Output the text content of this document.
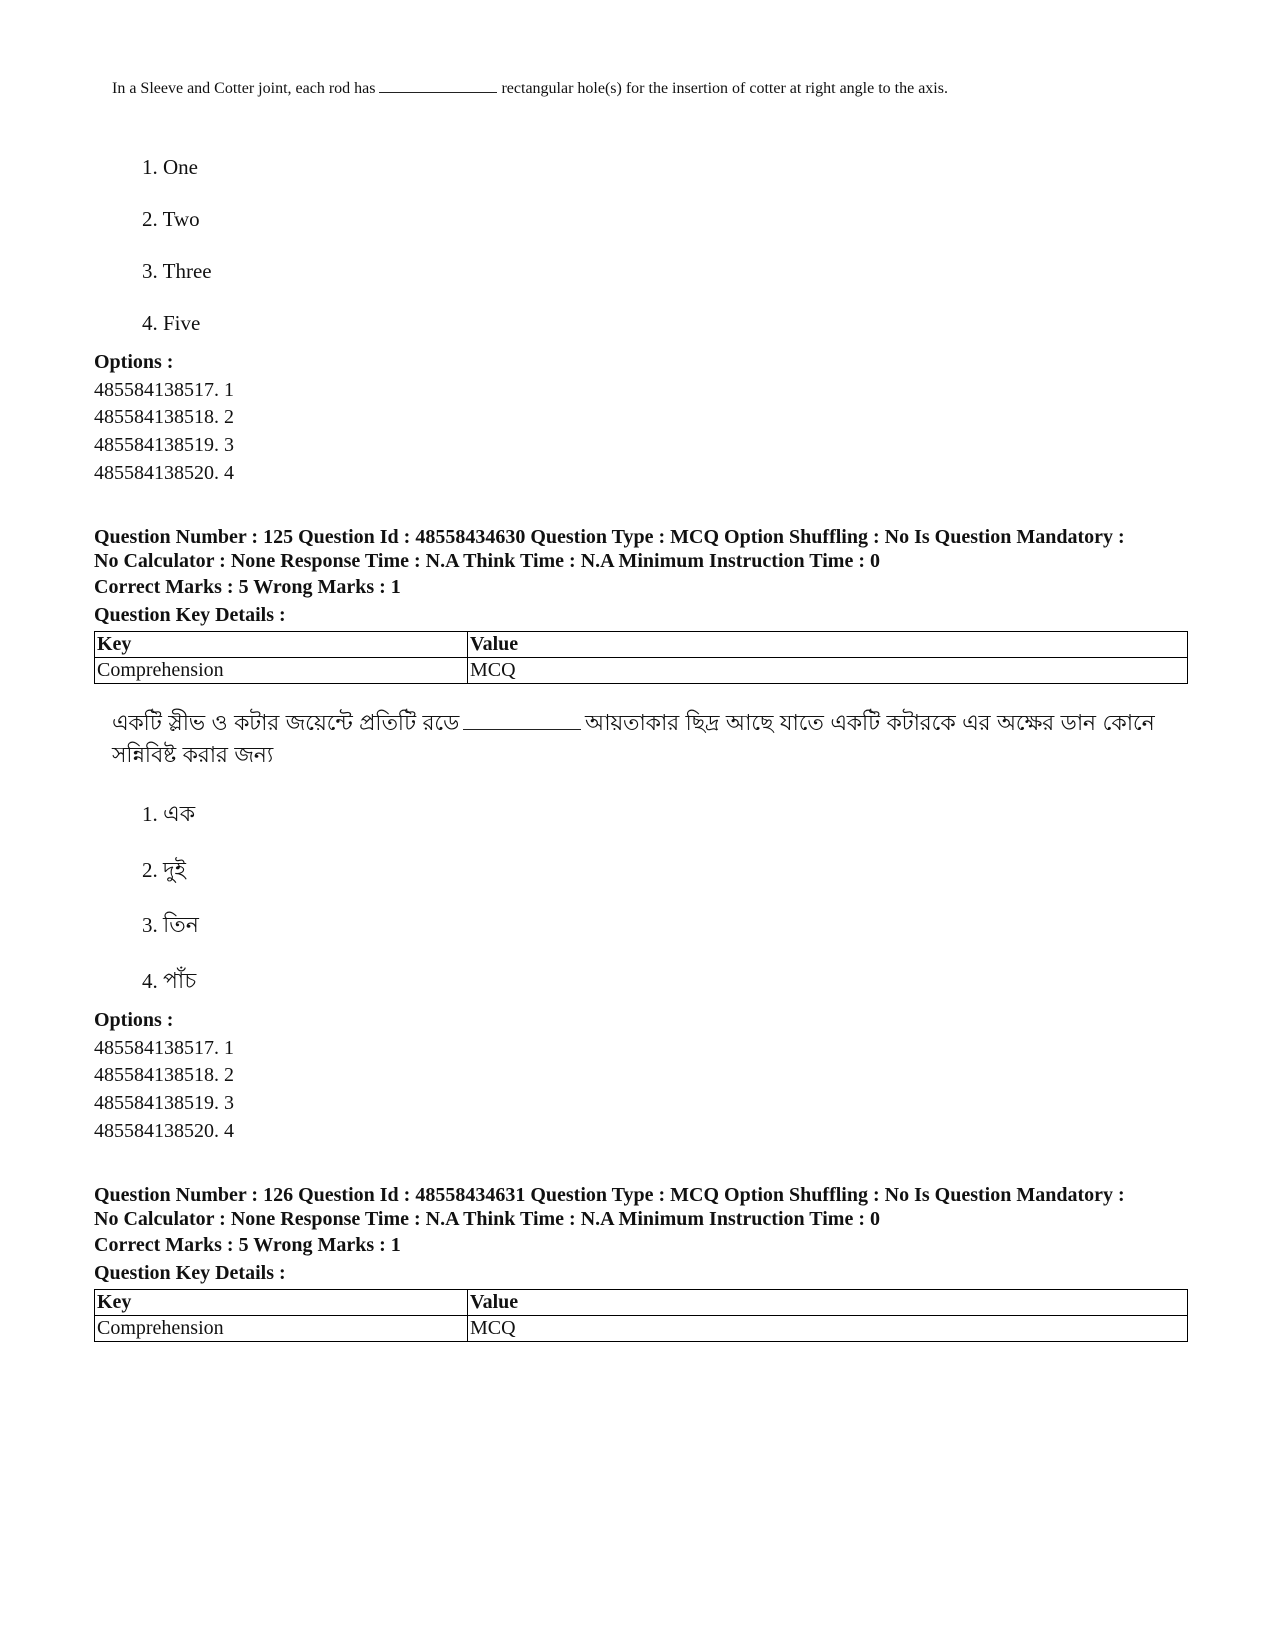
In a Sleeve and Cotter joint, each rod has	rectangular hole(s) for the insertion of cotter at right angle to the axis.
1. One
2. Two
3. Three
4. Five
Options :
485584138517. 1
485584138518. 2
485584138519. 3
485584138520. 4
Question Number : 125 Question Id : 48558434630 Question Type : MCQ Option Shuffling : No Is Question Mandatory :
No Calculator : None Response Time : N.A Think Time : N.A Minimum Instruction Time : 0
Correct Marks : 5 Wrong Marks : 1
Question Key Details :
Key	Value
Comprehension	MCQ
একটি স্লীভ ও কটার জয়েন্টে প্রতিটি রডে	আয়তাকার ছিদ্র আছে যাতে একটি কটারকে এর অক্ষের ডান কোনে সন্নিবিষ্ট করার জন্য
1. এক
2. দুই
3. তিন
4. পাঁচ
Options :
485584138517. 1
485584138518. 2
485584138519. 3
485584138520. 4
Question Number : 126 Question Id : 48558434631 Question Type : MCQ Option Shuffling : No Is Question Mandatory :
No Calculator : None Response Time : N.A Think Time : N.A Minimum Instruction Time : 0
Correct Marks : 5 Wrong Marks : 1
Question Key Details :
Key	Value
Comprehension	MCQ
